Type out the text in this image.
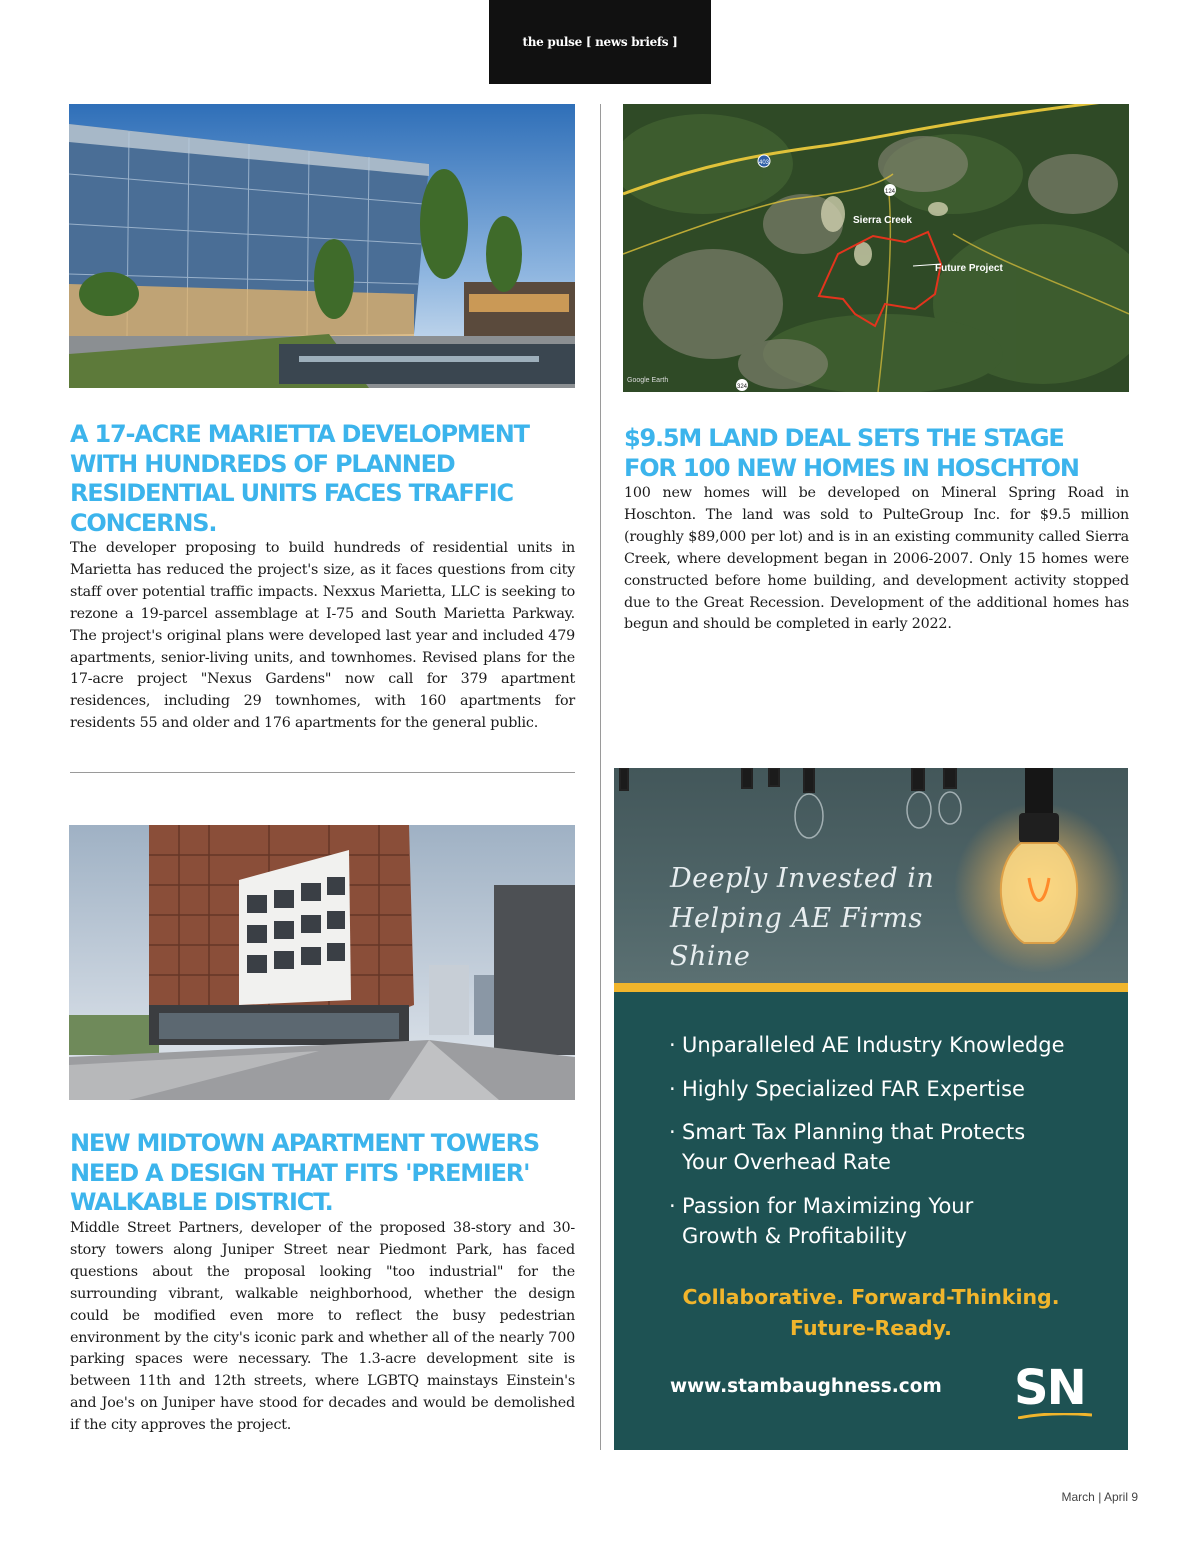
the pulse [ news briefs ]
A 17-ACRE MARIETTA DEVELOPMENT WITH HUNDREDS OF PLANNED RESIDENTIAL UNITS FACES TRAFFIC CONCERNS.

The developer proposing to build hundreds of residential units in Marietta has reduced the project's size, as it faces questions from city staff over potential traffic impacts. Nexxus Marietta, LLC is seeking to rezone a 19-parcel assemblage at I-75 and South Marietta Parkway. The project's original plans were developed last year and included 479 apartments, senior-living units, and townhomes. Revised plans for the 17-acre project "Nexus Gardens" now call for 379 apartment residences, including 29 townhomes, with 160 apartments for residents 55 and older and 176 apartments for the general public.

403
124
324
Sierra Creek
Future Project
Google Earth
$9.5M LAND DEAL SETS THE STAGE FOR 100 NEW HOMES IN HOSCHTON

100 new homes will be developed on Mineral Spring Road in Hoschton. The land was sold to PulteGroup Inc. for $9.5 million (roughly $89,000 per lot) and is in an existing community called Sierra Creek, where development began in 2006-2007. Only 15 homes were constructed before home building, and development activity stopped due to the Great Recession. Development of the additional homes has begun and should be completed in early 2022.

NEW MIDTOWN APARTMENT TOWERS NEED A DESIGN THAT FITS 'PREMIER' WALKABLE DISTRICT.

Middle Street Partners, developer of the proposed 38-story and 30-story towers along Juniper Street near Piedmont Park, has faced questions about the proposal looking "too industrial" for the surrounding vibrant, walkable neighborhood, whether the design could be modified even more to reflect the busy pedestrian environment by the city's iconic park and whether all of the nearly 700 parking spaces were necessary. The 1.3-acre development site is between 11th and 12th streets, where LGBTQ mainstays Einstein's and Joe's on Juniper have stood for decades and would be demolished if the city approves the project.

Deeply Invested in

Helping AE Firms Shine

· Unparalleled AE Industry Knowledge
· Highly Specialized FAR Expertise
· Smart Tax Planning that Protects Your Overhead Rate
· Passion for Maximizing Your Growth & Profitability
Collaborative. Forward-Thinking.
Future-Ready.

www.stambaughness.com SN

March | April 9
